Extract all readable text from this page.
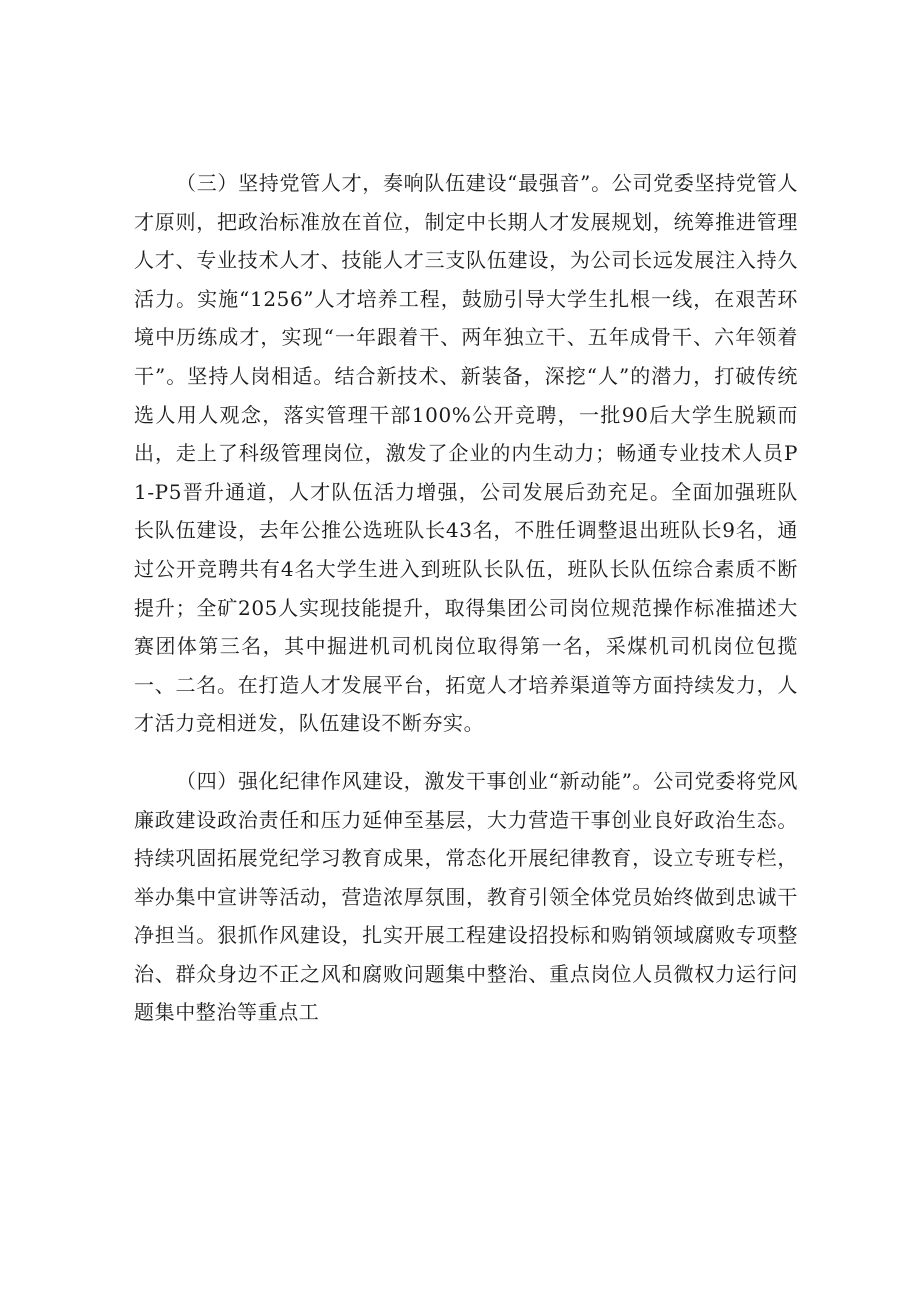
（三）坚持党管人才，奏响队伍建设“最强音”。公司党委坚持党管人才原则，把政治标准放在首位，制定中长期人才发展规划，统筹推进管理人才、专业技术人才、技能人才三支队伍建设，为公司长远发展注入持久活力。实施“1256”人才培养工程，鼓励引导大学生扎根一线，在艰苦环境中历练成才，实现“一年跟着干、两年独立干、五年成骨干、六年领着干”。坚持人岗相适。结合新技术、新装备，深挖“人”的潜力，打破传统选人用人观念，落实管理干部100%公开竞聘，一批90后大学生脱颖而出，走上了科级管理岗位，激发了企业的内生动力；畅通专业技术人员P1-P5晋升通道，人才队伍活力增强，公司发展后劲充足。全面加强班队长队伍建设，去年公推公选班队长43名，不胜任调整退出班队长9名，通过公开竞聘共有4名大学生进入到班队长队伍，班队长队伍综合素质不断提升；全矿205人实现技能提升，取得集团公司岗位规范操作标准描述大赛团体第三名，其中掘进机司机岗位取得第一名，采煤机司机岗位包揽一、二名。在打造人才发展平台，拓宽人才培养渠道等方面持续发力，人才活力竞相迸发，队伍建设不断夯实。

（四）强化纪律作风建设，激发干事创业“新动能”。公司党委将党风廉政建设政治责任和压力延伸至基层，大力营造干事创业良好政治生态。持续巩固拓展党纪学习教育成果，常态化开展纪律教育，设立专班专栏，举办集中宣讲等活动，营造浓厚氛围，教育引领全体党员始终做到忠诚干净担当。狠抓作风建设，扎实开展工程建设招投标和购销领域腐败专项整治、群众身边不正之风和腐败问题集中整治、重点岗位人员微权力运行问题集中整治等重点工
